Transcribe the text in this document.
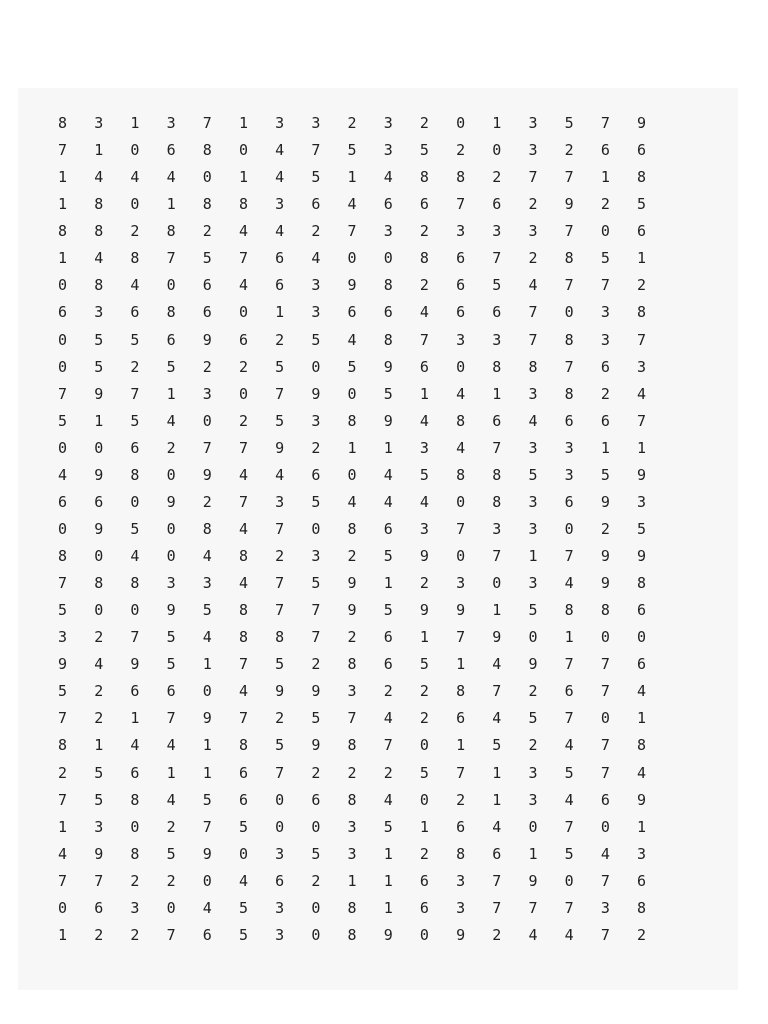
8	3	1	3	7	1	3	3	2	3	2	0	1	3	5	7	9
7	1	0	6	8	0	4	7	5	3	5	2	0	3	2	6	6
1	4	4	4	0	1	4	5	1	4	8	8	2	7	7	1	8
1	8	0	1	8	8	3	6	4	6	6	7	6	2	9	2	5
8	8	2	8	2	4	4	2	7	3	2	3	3	3	7	0	6
1	4	8	7	5	7	6	4	0	0	8	6	7	2	8	5	1
0	8	4	0	6	4	6	3	9	8	2	6	5	4	7	7	2
6	3	6	8	6	0	1	3	6	6	4	6	6	7	0	3	8
0	5	5	6	9	6	2	5	4	8	7	3	3	7	8	3	7
0	5	2	5	2	2	5	0	5	9	6	0	8	8	7	6	3
7	9	7	1	3	0	7	9	0	5	1	4	1	3	8	2	4
5	1	5	4	0	2	5	3	8	9	4	8	6	4	6	6	7
0	0	6	2	7	7	9	2	1	1	3	4	7	3	3	1	1
4	9	8	0	9	4	4	6	0	4	5	8	8	5	3	5	9
6	6	0	9	2	7	3	5	4	4	4	0	8	3	6	9	3
0	9	5	0	8	4	7	0	8	6	3	7	3	3	0	2	5
8	0	4	0	4	8	2	3	2	5	9	0	7	1	7	9	9
7	8	8	3	3	4	7	5	9	1	2	3	0	3	4	9	8
5	0	0	9	5	8	7	7	9	5	9	9	1	5	8	8	6
3	2	7	5	4	8	8	7	2	6	1	7	9	0	1	0	0
9	4	9	5	1	7	5	2	8	6	5	1	4	9	7	7	6
5	2	6	6	0	4	9	9	3	2	2	8	7	2	6	7	4
7	2	1	7	9	7	2	5	7	4	2	6	4	5	7	0	1
8	1	4	4	1	8	5	9	8	7	0	1	5	2	4	7	8
2	5	6	1	1	6	7	2	2	2	5	7	1	3	5	7	4
7	5	8	4	5	6	0	6	8	4	0	2	1	3	4	6	9
1	3	0	2	7	5	0	0	3	5	1	6	4	0	7	0	1
4	9	8	5	9	0	3	5	3	1	2	8	6	1	5	4	3
7	7	2	2	0	4	6	2	1	1	6	3	7	9	0	7	6
0	6	3	0	4	5	3	0	8	1	6	3	7	7	7	3	8
1	2	2	7	6	5	3	0	8	9	0	9	2	4	4	7	2
